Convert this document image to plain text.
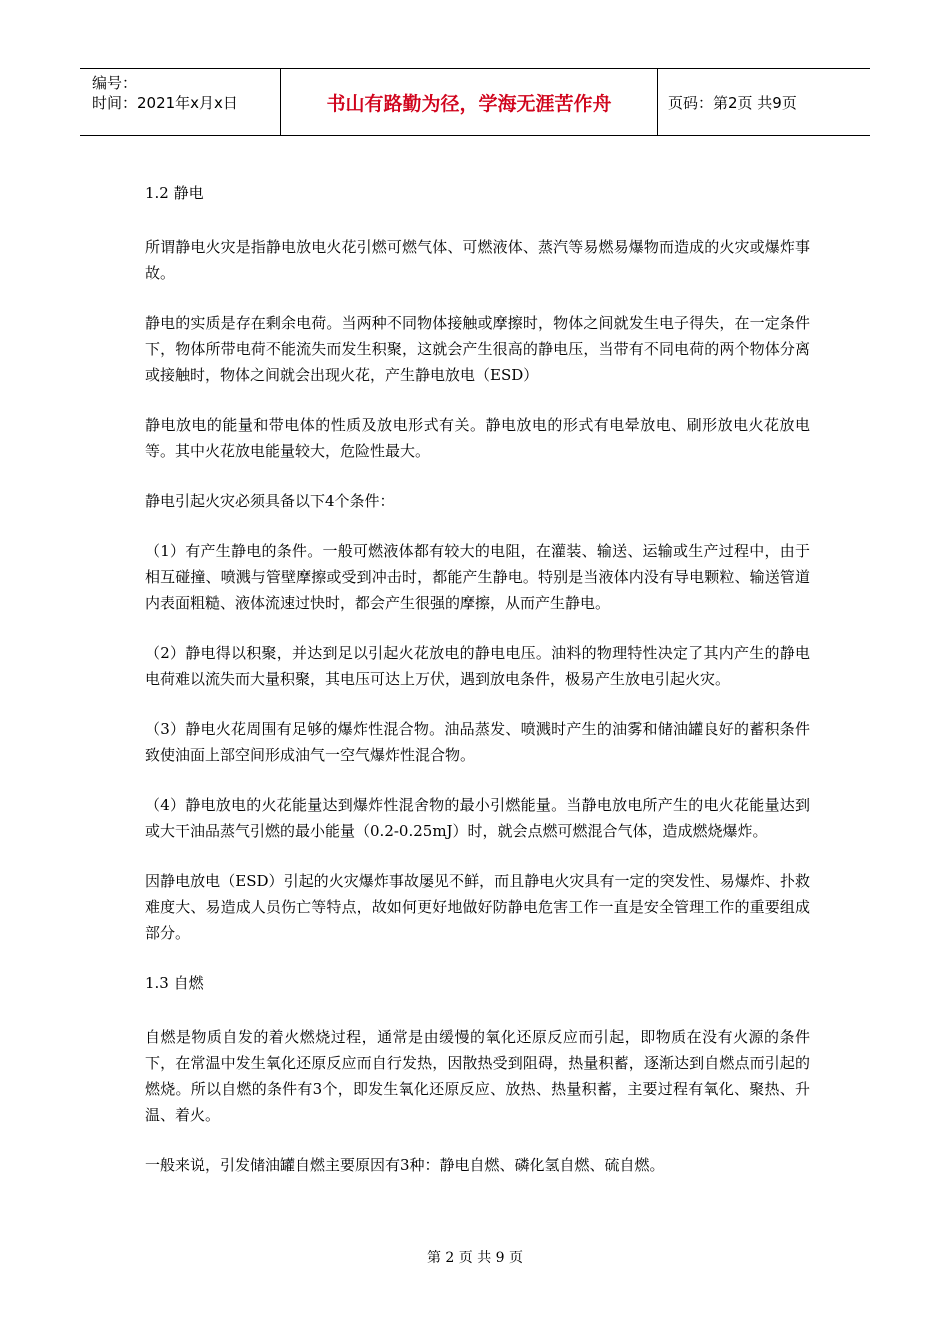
编号：
时间：2021年x月x日	书山有路勤为径，学海无涯苦作舟	页码：第2页 共9页

1.2 静电

所谓静电火灾是指静电放电火花引燃可燃气体、可燃液体、蒸汽等易燃易爆物而造成的火灾或爆炸事故。

静电的实质是存在剩余电荷。当两种不同物体接触或摩擦时，物体之间就发生电子得失，在一定条件下，物体所带电荷不能流失而发生积聚，这就会产生很高的静电压，当带有不同电荷的两个物体分离或接触时，物体之间就会出现火花，产生静电放电（ESD）

静电放电的能量和带电体的性质及放电形式有关。静电放电的形式有电晕放电、刷形放电火花放电等。其中火花放电能量较大，危险性最大。

静电引起火灾必须具备以下4个条件：

（1）有产生静电的条件。一般可燃液体都有较大的电阻，在灌装、输送、运输或生产过程中，由于相互碰撞、喷溅与管壁摩擦或受到冲击时，都能产生静电。特别是当液体内没有导电颗粒、输送管道内表面粗糙、液体流速过快时，都会产生很强的摩擦，从而产生静电。

（2）静电得以积聚，并达到足以引起火花放电的静电电压。油料的物理特性决定了其内产生的静电电荷难以流失而大量积聚，其电压可达上万伏，遇到放电条件，极易产生放电引起火灾。

（3）静电火花周围有足够的爆炸性混合物。油品蒸发、喷溅时产生的油雾和储油罐良好的蓄积条件致使油面上部空间形成油气一空气爆炸性混合物。

（4）静电放电的火花能量达到爆炸性混舍物的最小引燃能量。当静电放电所产生的电火花能量达到或大干油品蒸气引燃的最小能量（0.2-0.25mJ）时，就会点燃可燃混合气体，造成燃烧爆炸。

因静电放电（ESD）引起的火灾爆炸事故屡见不鲜，而且静电火灾具有一定的突发性、易爆炸、扑救难度大、易造成人员伤亡等特点，故如何更好地做好防静电危害工作一直是安全管理工作的重要组成部分。

1.3 自燃

自燃是物质自发的着火燃烧过程，通常是由缓慢的氧化还原反应而引起，即物质在没有火源的条件下，在常温中发生氧化还原反应而自行发热，因散热受到阻碍，热量积蓄，逐渐达到自燃点而引起的燃烧。所以自燃的条件有3个，即发生氧化还原反应、放热、热量积蓄，主要过程有氧化、聚热、升温、着火。

一般来说，引发储油罐自燃主要原因有3种：静电自燃、磷化氢自燃、硫自燃。

第 2 页 共 9 页
